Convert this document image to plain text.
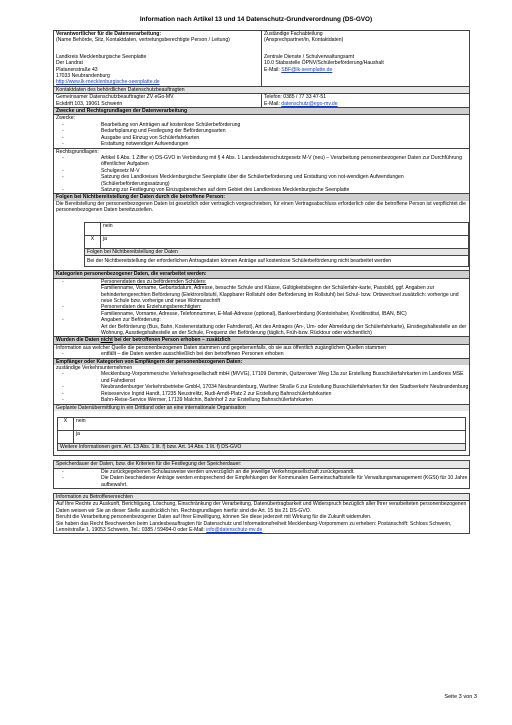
Information nach Artikel 13 und 14 Datenschutz-Grundverordnung (DS-GVO)
Verantwortlicher für die Datenverarbeitung:
(Name Behörde, Sitz, Kontaktdaten, vertretungsberechtigte Person / Leitung)
Landkreis Mecklenburgische Seenplatte
Der Landrat
Platanenstraße 43
17033 Neubrandenburg
http://www.lk-mecklenburgische-seenplatte.de
Zuständige Fachabteilung
(Ansprechpartner/in, Kontaktdaten)
Zentrale Dienste / Schulverwaltungsamt
10.0 Stabsstelle ÖPNV/Schülerbeförderung/Haushalt
E-Mail: SBF@lk-seenplatte.de
Kontaktdaten des behördlichen Datenschutzbeauftragten
Gemeinsamer Datenschutzbeauftragter ZV eGo-MV
Eckdrift 103, 19061 Schwerin
Telefon: 0385 / 77 33 47-51
E-Mail: datenschutz@ego-mv.de
Zwecke und Rechtsgrundlagen der Datenverarbeitung
Zwecke:
- Bearbeitung von Anträgen auf kostenlose Schülerbeförderung
- Bedarfsplanung und Festlegung der Beförderungsarten
- Ausgabe und Einzug von Schülerfahrkarten
- Erstattung notwendiger Aufwendungen
Rechtsgrundlagen:
- Artikel 6 Abs. 1 Ziffer e) DS-GVO in Verbindung mit § 4 Abs. 1 Landesdatenschutzgesetz M-V (neu) – Verarbeitung personenbezogener Daten zur Durchführung öffentlicher Aufgaben
- Schulgesetz M-V
- Satzung des Landkreises Mecklenburgische Seenplatte über die Schülerbeförderung und Erstattung von not-wendigen Aufwendungen (Schülerbeförderungssatzung)
- Satzung zur Festlegung von Einzugsbereichen auf dem Gebiet des Landkreises Mecklenburgische Seenplatte
Folgen bei Nichtbereitstellung der Daten durch die betroffene Person:
Die Bereitstellung der personenbezogenen Daten ist gesetzlich oder vertraglich vorgeschrieben, für einen Vertragsabschluss erforderlich oder die betroffene Person ist verpflichtet die personenbezogenen Daten bereitzustellen.
nein
X	ja
Folgen bei Nichtbereitstellung der Daten
Bei der Nichtbereitstellung der erforderlichen Antragsdaten können Anträge auf kostenlose Schülerbeförderung nicht bearbeitet werden
Kategorien personenbezogener Daten, die verarbeitet werden:
- Personendaten des zu befördernden Schülers:
Familienname, Vorname, Geburtsdatum, Adresse, besuchte Schule und Klasse, Gültigkeitsbeginn der Schülerfahr-karte, Passbild, ggf. Angaben zur behindertengerechten Beförderung (Elektrorollstuhl, Klappbarer Rollstuhl oder Beförderung im Rollstuhl) bei Schul- bzw. Ortswechsel zusätzlich: vorherige und neue Schule bzw. vorherige und neue Wohnanschrift
- Personendaten des Erziehungsberechtigten:
Familienname, Vorname, Adresse, Telefonnummer, E-Mail-Adresse (optional), Bankverbindung (Kontoinhaber, Kreditinstitut, IBAN, BIC)
- Angaben zur Beförderung:
Art der Beförderung (Bus, Bahn, Kostenerstattung oder Fahrdienst), Art des Antrages (An-, Um- oder Abmeldung der Schülerfahrkarte), Einstiegshaltestelle an der Wohnung, Ausstiegshaltestelle an der Schule, Frequenz der Beförderung (täglich, Früh-bzw. Rücktour oder wöchentlich)
Wurden die Daten nicht bei der betroffenen Person erhoben – zusätzlich
Information aus welcher Quelle die personenbezogenen Daten stammen und gegebenenfalls, ob sie aus öffentlich zugänglichen Quellen stammen
- entfällt – die Daten werden ausschließlich bei den betroffenen Personen erhoben
Empfänger oder Kategorien von Empfängern der personenbezogenen Daten:
zuständige Verkehrsunternehmen
- Mecklenburg-Vorpommersche Verkehrsgesellschaft mbH (MVVG), 17109 Demmin, Quitzerower Weg 13a zur Erstellung Busschülerfahrkarten im Landkreis MSE und Fahrdienst
- Neubrandenburger Verkehrsbetriebe GmbH, 17034 Neubrandenburg, Warliner Straße 6 zur Erstellung Busschülerfahrkarten für den Stadtverkehr Neubrandenburg
- Reiseservice Ingrid Handt, 17235 Neustrelitz, Rudi-Arndt-Platz 2 zur Erstellung Bahnschülerfahrkarten
- Bahn-Reise-Service Wermer, 17139 Malchin, Bahnhof 2 zur Erstellung Bahnschülerfahrkarten
Geplante Datenübermittlung in ein Drittland oder an eine internationale Organisation
X	nein
ja
Weitere Informationen gem. Art. 13 Abs. 1 lit. f) bzw. Art. 14 Abs. 1 lit. f) DS-GVO
Speicherdauer der Daten, bzw. die Kriterien für die Festlegung der Speicherdauer:
- Die zurückgegebenen Schulausweise werden unverzüglich an die jeweilige Verkehrsgesellschaft zurückgesandt.
- Die Daten beschiedener Anträge werden entsprechend der Empfehlungen der Kommunalen Gemeinschaftsstelle für Verwaltungsmanagement (KGSt) für 10 Jahre aufbewahrt.
Information zu Betroffenenrechten
Auf Ihre Rechte zu Auskunft, Berichtigung, Löschung, Einschränkung der Verarbeitung, Datenübertragbarkeit und Widerspruch bezüglich aller Ihrer verarbeiteten personenbezogenen Daten weisen wir Sie an dieser Stelle ausdrücklich hin. Rechtsgrundlagen hierfür sind die Art. 15 bis 21 DS-GVO.
Beruht die Verarbeitung personenbezogener Daten auf Ihrer Einwilligung, können Sie diese jederzeit mit Wirkung für die Zukunft widerrufen.
Sie haben das Recht Beschwerden beim Landesbeauftragten für Datenschutz und Informationsfreiheit Mecklenburg-Vorpommern zu erheben: Postanschrift: Schloss Schwerin, Lennéstraße 1, 19053 Schwerin, Tel.: 0385 / 59494-0 oder E-Mail: info@datenschutz-mv.de
Seite 3 von 3
